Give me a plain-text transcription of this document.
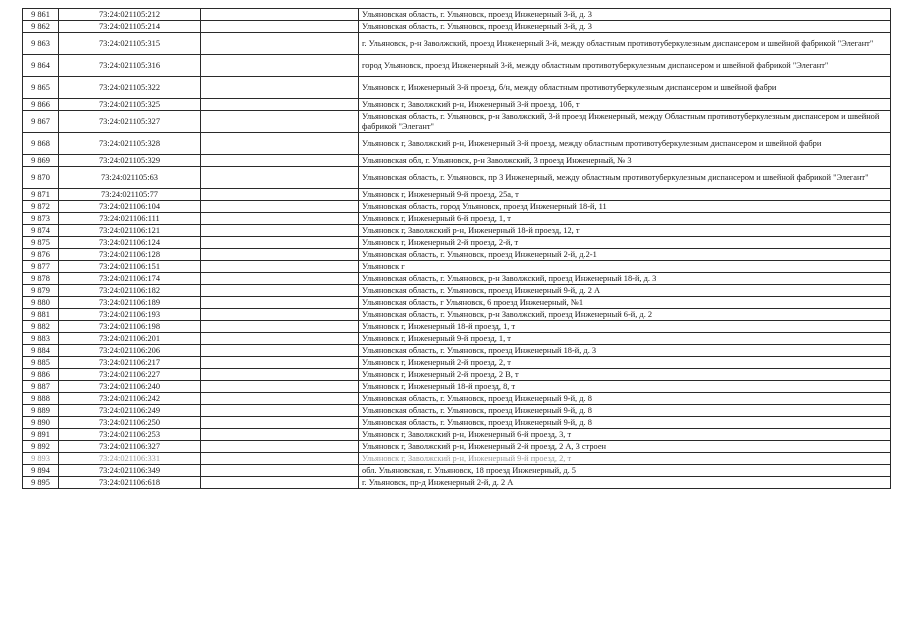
9 861	73:24:021105:212		Ульяновская область, г. Ульяновск, проезд Инженерный 3-й, д. 3
9 862	73:24:021105:214		Ульяновская область, г. Ульяновск, проезд Инженерный 3-й, д. 3
9 863	73:24:021105:315		г. Ульяновск, р-н Заволжский, проезд Инженерный 3-й, между областным противотуберкулезным диспансером и швейной фабрикой "Элегант"
9 864	73:24:021105:316		город Ульяновск, проезд Инженерный 3-й, между областным противотуберкулезным диспансером и швейной фабрикой "Элегант"
9 865	73:24:021105:322		Ульяновск г, Инженерный 3-й проезд, б/н, между областным противотуберкулезным диспансером и швейной фабри
9 866	73:24:021105:325		Ульяновск г, Заволжский р-н, Инженерный 3-й проезд, 10б, т
9 867	73:24:021105:327		Ульяновская область, г. Ульяновск, р-н Заволжский, 3-й проезд Инженерный, между Областным противотуберкулезным диспансером и швейной фабрикой "Элегант"
9 868	73:24:021105:328		Ульяновск г, Заволжский р-н, Инженерный 3-й проезд, между областным противотуберкулезным диспансером и швейной фабри
9 869	73:24:021105:329		Ульяновская обл, г. Ульяновск, р-н Заволжский, 3 проезд Инженерный, № 3
9 870	73:24:021105:63		Ульяновская область, г. Ульяновск, пр 3 Инженерный, между областным противотуберкулезным диспансером и швейной фабрикой "Элегант"
9 871	73:24:021105:77		Ульяновск г, Инженерный 9-й проезд, 25а, т
9 872	73:24:021106:104		Ульяновская область, город Ульяновск, проезд Инженерный 18-й, 11
9 873	73:24:021106:111		Ульяновск г, Инженерный 6-й проезд, 1, т
9 874	73:24:021106:121		Ульяновск г, Заволжский р-н, Инженерный 18-й проезд, 12, т
9 875	73:24:021106:124		Ульяновск г, Инженерный 2-й проезд, 2-й, т
9 876	73:24:021106:128		Ульяновская область, г. Ульяновск, проезд Инженерный 2-й, д.2-1
9 877	73:24:021106:151		Ульяновск г
9 878	73:24:021106:174		Ульяновская область, г. Ульяновск, р-н Заволжский, проезд Инженерный 18-й, д. 3
9 879	73:24:021106:182		Ульяновская область, г. Ульяновск, проезд Инженерный 9-й, д. 2 А
9 880	73:24:021106:189		Ульяновская область, г Ульяновск, 6 проезд Инженерный, №1
9 881	73:24:021106:193		Ульяновская область, г. Ульяновск, р-н Заволжский, проезд Инженерный 6-й, д. 2
9 882	73:24:021106:198		Ульяновск г, Инженерный 18-й проезд, 1, т
9 883	73:24:021106:201		Ульяновск г, Инженерный 9-й проезд, 1, т
9 884	73:24:021106:206		Ульяновская область, г. Ульяновск, проезд Инженерный 18-й, д. 3
9 885	73:24:021106:217		Ульяновск г, Инженерный 2-й проезд, 2, т
9 886	73:24:021106:227		Ульяновск г, Инженерный 2-й проезд, 2 В, т
9 887	73:24:021106:240		Ульяновск г, Инженерный 18-й проезд, 8, т
9 888	73:24:021106:242		Ульяновская область, г. Ульяновск, проезд Инженерный 9-й, д. 8
9 889	73:24:021106:249		Ульяновская область, г. Ульяновск, проезд Инженерный 9-й, д. 8
9 890	73:24:021106:250		Ульяновская область, г. Ульяновск, проезд Инженерный 9-й, д. 8
9 891	73:24:021106:253		Ульяновск г, Заволжский р-н, Инженерный 6-й проезд, 3, т
9 892	73:24:021106:327		Ульяновск г, Заволжский р-н, Инженерный 2-й проезд, 2 А, 3 строен
9 893	73:24:021106:331		Ульяновск г, Заволжский р-н, Инженерный 9-й проезд, 2, т
9 894	73:24:021106:349		обл. Ульяновская, г. Ульяновск, 18 проезд Инженерный, д. 5
9 895	73:24:021106:618		г. Ульяновск, пр-д Инженерный 2-й, д. 2 А
